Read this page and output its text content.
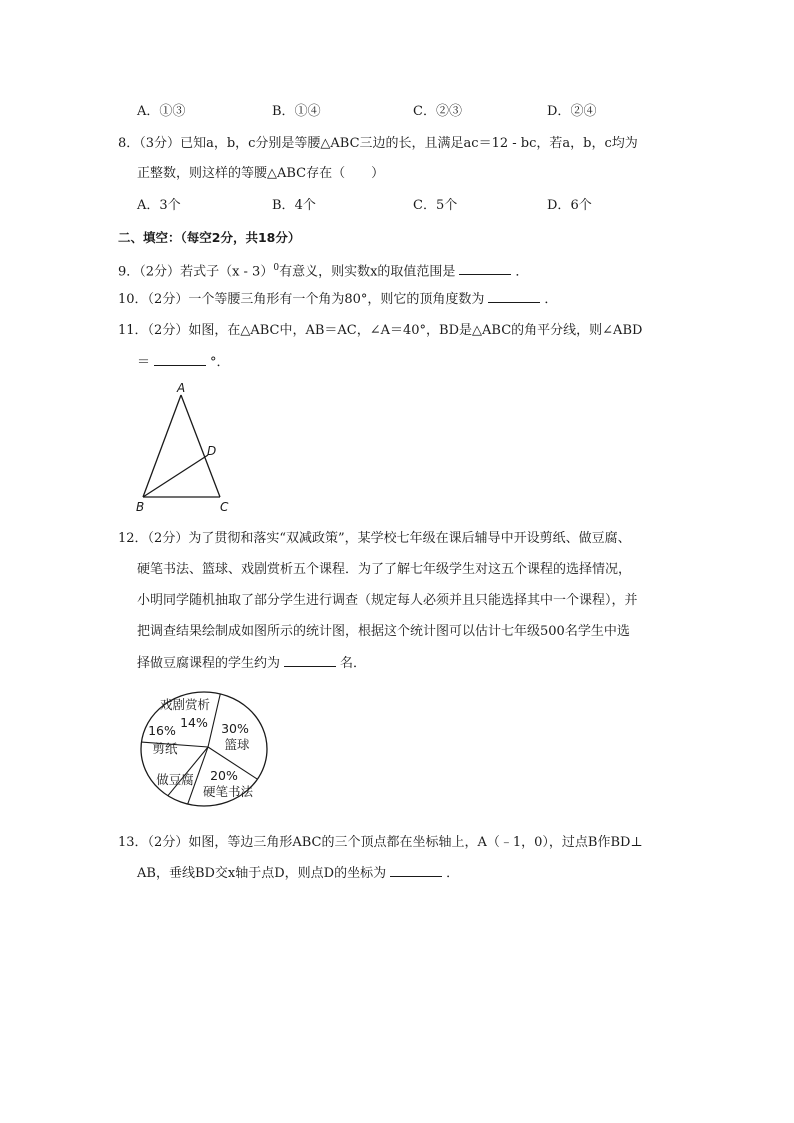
A．①③	B．①④	C．②③	D．②④
8．（3分）已知a，b，c分别是等腰△ABC三边的长，且满足ac＝12 - bc，若a，b，c均为
正整数，则这样的等腰△ABC存在（　　）
A．3个	B．4个	C．5个	D．6个
二、填空：（每空2分，共18分）
9．（2分）若式子（x - 3）$^0$有意义，则实数x的取值范围是	．
10．（2分）一个等腰三角形有一个角为80°，则它的顶角度数为	．
11．（2分）如图，在△ABC中，AB＝AC，∠A＝40°，BD是△ABC的角平分线，则∠ABD
＝	°．
A
D
B	C
12．（2分）为了贯彻和落实“双减政策”，某学校七年级在课后辅导中开设剪纸、做豆腐、
硬笔书法、篮球、戏剧赏析五个课程．为了了解七年级学生对这五个课程的选择情况，
小明同学随机抽取了部分学生进行调查（规定每人必须并且只能选择其中一个课程），并
把调查结果绘制成如图所示的统计图，根据这个统计图可以估计七年级500名学生中选
择做豆腐课程的学生约为	名．
戏剧赏析
14% 30%
篮球
16%
剪纸
做豆腐 20%
硬笔书法
13．（2分）如图，等边三角形ABC的三个顶点都在坐标轴上，A（﹣1，0），过点B作BD⊥
AB，垂线BD交x轴于点D，则点D的坐标为	．
